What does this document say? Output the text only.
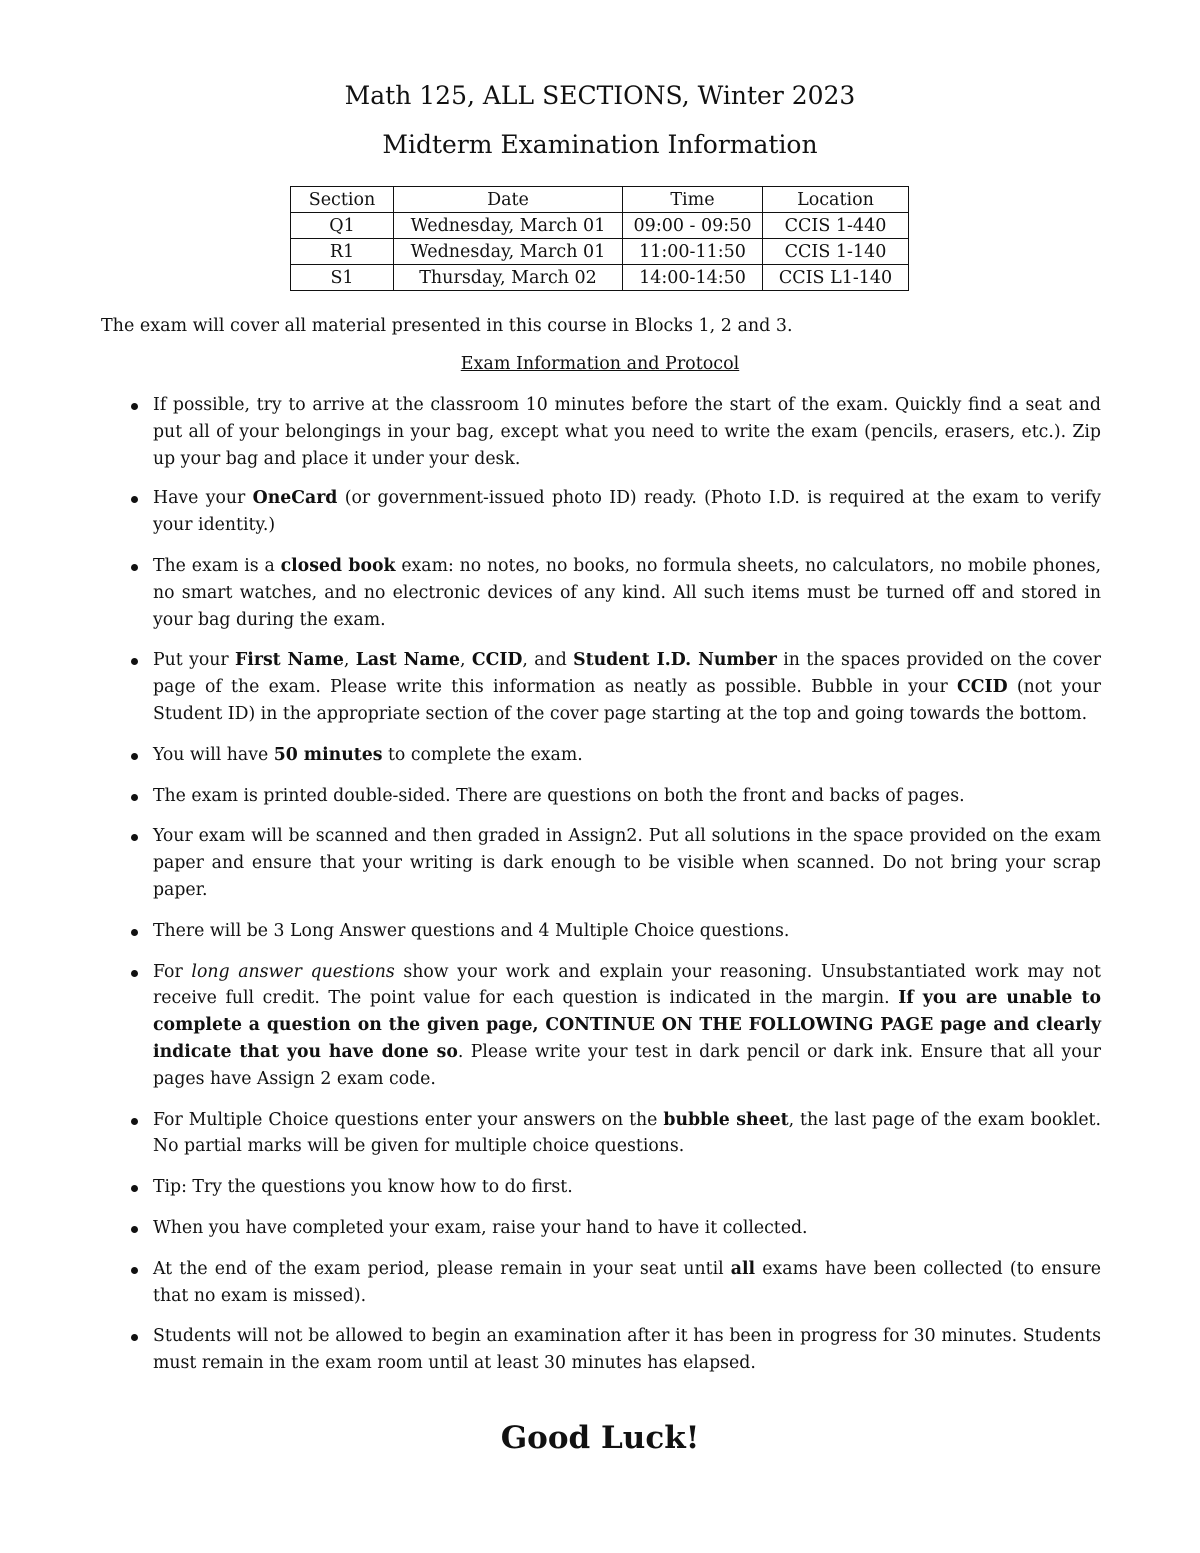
Math 125, ALL SECTIONS, Winter 2023
Midterm Examination Information
Section	Date	Time	Location
Q1	Wednesday, March 01	09:00 - 09:50	CCIS 1-440
R1	Wednesday, March 01	11:00-11:50	CCIS 1-140
S1	Thursday, March 02	14:00-14:50	CCIS L1-140
The exam will cover all material presented in this course in Blocks 1, 2 and 3.
Exam Information and Protocol
If possible, try to arrive at the classroom 10 minutes before the start of the exam. Quickly find a seat and put all of your belongings in your bag, except what you need to write the exam (pencils, erasers, etc.). Zip up your bag and place it under your desk.
Have your OneCard (or government-issued photo ID) ready. (Photo I.D. is required at the exam to verify your identity.)
The exam is a closed book exam: no notes, no books, no formula sheets, no calculators, no mobile phones, no smart watches, and no electronic devices of any kind. All such items must be turned off and stored in your bag during the exam.
Put your First Name, Last Name, CCID, and Student I.D. Number in the spaces provided on the cover page of the exam. Please write this information as neatly as possible. Bubble in your CCID (not your Student ID) in the appropriate section of the cover page starting at the top and going towards the bottom.
You will have 50 minutes to complete the exam.
The exam is printed double-sided. There are questions on both the front and backs of pages.
Your exam will be scanned and then graded in Assign2. Put all solutions in the space provided on the exam paper and ensure that your writing is dark enough to be visible when scanned. Do not bring your scrap paper.
There will be 3 Long Answer questions and 4 Multiple Choice questions.
For long answer questions show your work and explain your reasoning. Unsubstantiated work may not receive full credit. The point value for each question is indicated in the margin. If you are unable to complete a question on the given page, CONTINUE ON THE FOLLOWING PAGE page and clearly indicate that you have done so. Please write your test in dark pencil or dark ink. Ensure that all your pages have Assign 2 exam code.
For Multiple Choice questions enter your answers on the bubble sheet, the last page of the exam booklet. No partial marks will be given for multiple choice questions.
Tip: Try the questions you know how to do first.
When you have completed your exam, raise your hand to have it collected.
At the end of the exam period, please remain in your seat until all exams have been collected (to ensure that no exam is missed).
Students will not be allowed to begin an examination after it has been in progress for 30 minutes. Students must remain in the exam room until at least 30 minutes has elapsed.
Good Luck!
